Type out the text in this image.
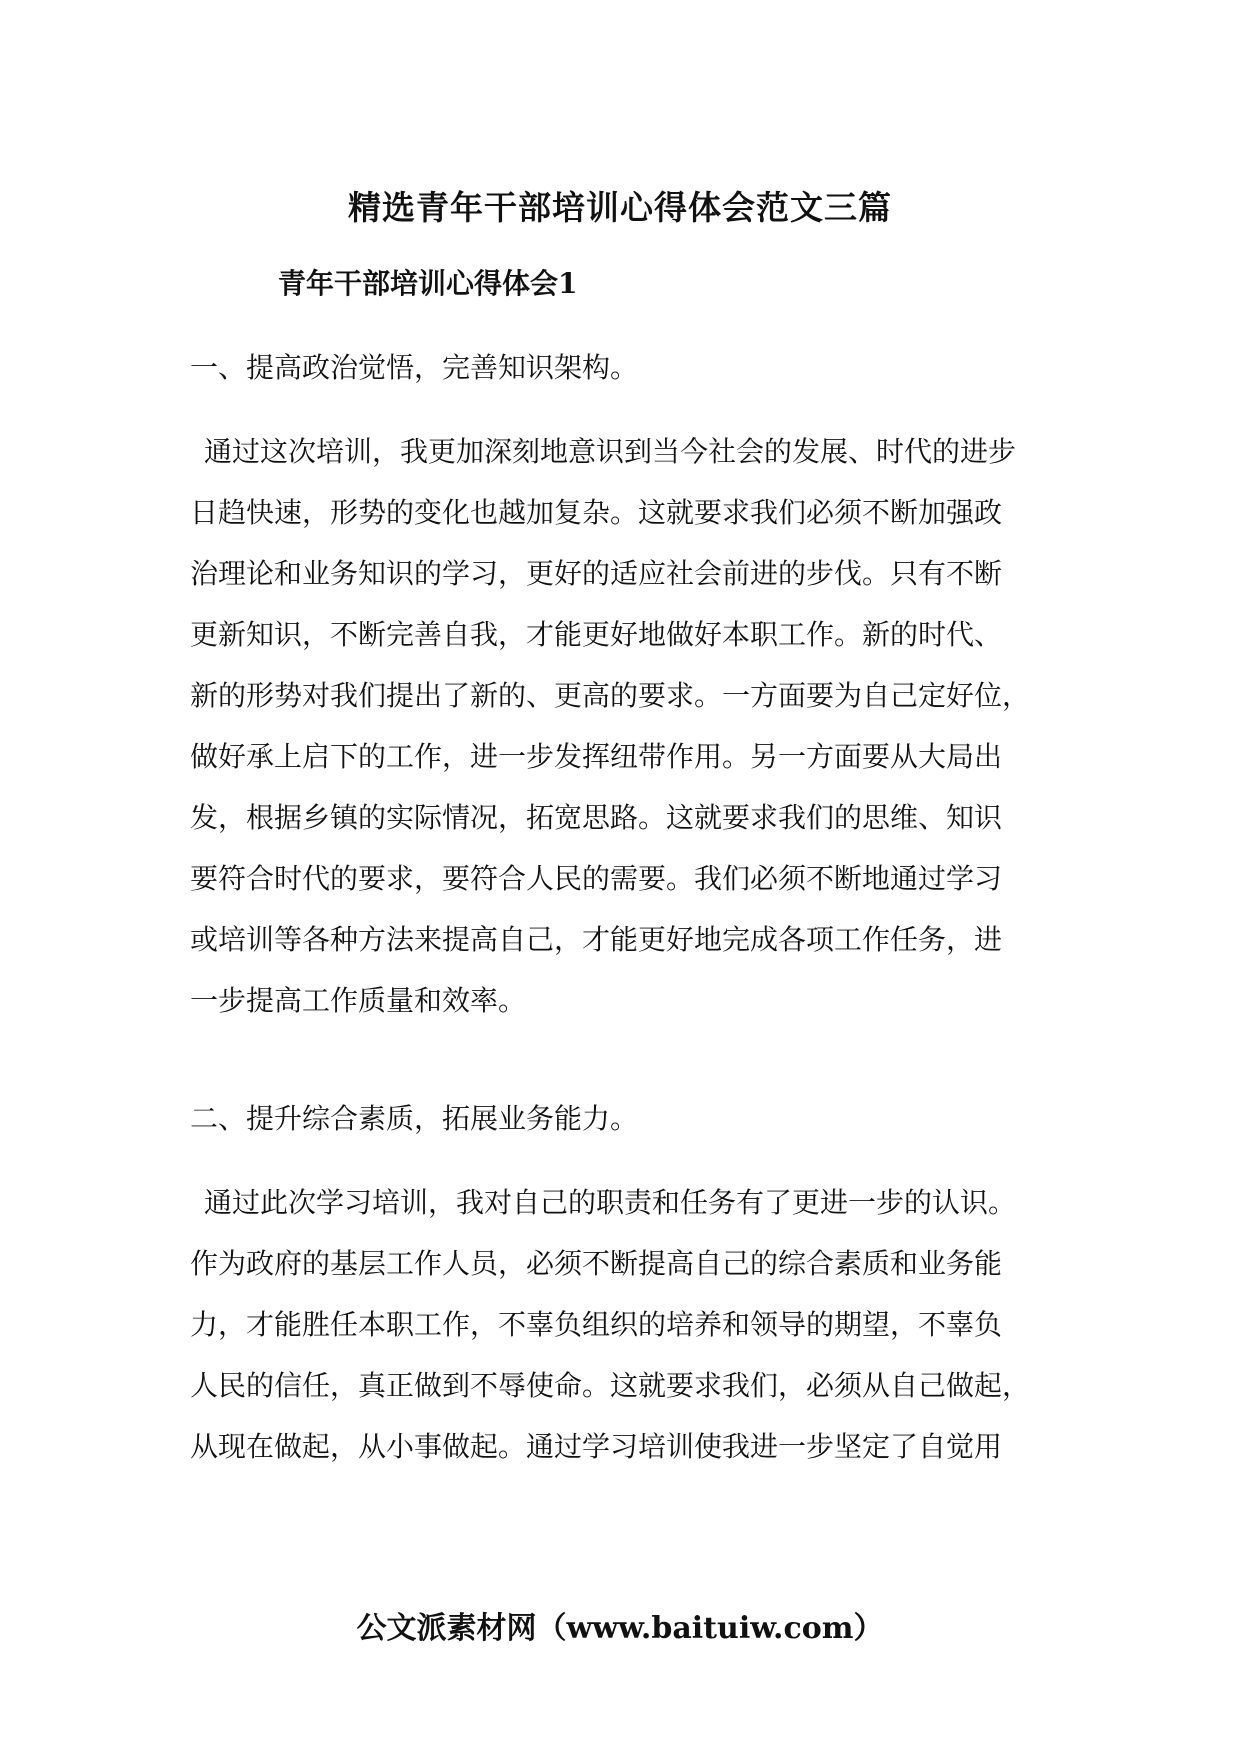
精选青年干部培训心得体会范文三篇
青年干部培训心得体会1

一、提高政治觉悟，完善知识架构。

通过这次培训，我更加深刻地意识到当今社会的发展、时代的进步
日趋快速，形势的变化也越加复杂。这就要求我们必须不断加强政
治理论和业务知识的学习，更好的适应社会前进的步伐。只有不断
更新知识，不断完善自我，才能更好地做好本职工作。新的时代、
新的形势对我们提出了新的、更高的要求。一方面要为自己定好位，
做好承上启下的工作，进一步发挥纽带作用。另一方面要从大局出
发，根据乡镇的实际情况，拓宽思路。这就要求我们的思维、知识
要符合时代的要求，要符合人民的需要。我们必须不断地通过学习
或培训等各种方法来提高自己，才能更好地完成各项工作任务，进
一步提高工作质量和效率。

二、提升综合素质，拓展业务能力。

通过此次学习培训，我对自己的职责和任务有了更进一步的认识。
作为政府的基层工作人员，必须不断提高自己的综合素质和业务能
力，才能胜任本职工作，不辜负组织的培养和领导的期望，不辜负
人民的信任，真正做到不辱使命。这就要求我们，必须从自己做起，
从现在做起，从小事做起。通过学习培训使我进一步坚定了自觉用

公文派素材网（www.baituiw.com）
